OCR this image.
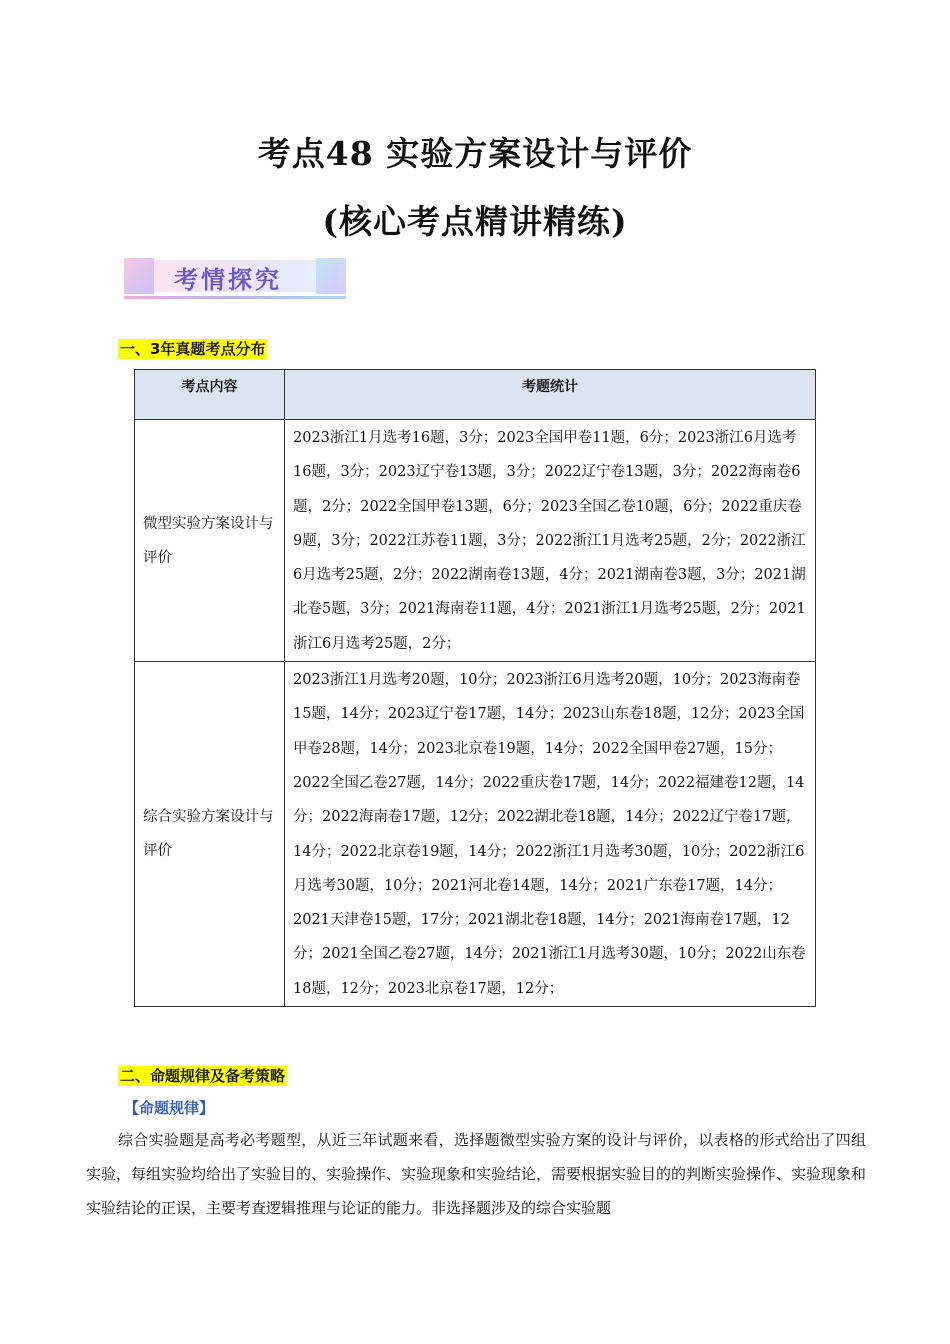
考点48 实验方案设计与评价
(核心考点精讲精练)
考情探究
一、3年真题考点分布
考点内容	考题统计
微型实验方案设计与评价	2023浙江1月选考16题，3分；2023全国甲卷11题，6分；2023浙江6月选考16题，3分；2023辽宁卷13题，3分；2022辽宁卷13题，3分；2022海南卷6题，2分；2022全国甲卷13题，6分；2023全国乙卷10题，6分；2022重庆卷9题，3分；2022江苏卷11题，3分；2022浙江1月选考25题，2分；2022浙江6月选考25题，2分；2022湖南卷13题，4分；2021湖南卷3题，3分；2021湖北卷5题，3分；2021海南卷11题，4分；2021浙江1月选考25题，2分；2021浙江6月选考25题，2分；
综合实验方案设计与评价	2023浙江1月选考20题，10分；2023浙江6月选考20题，10分；2023海南卷15题，14分；2023辽宁卷17题，14分；2023山东卷18题，12分；2023全国甲卷28题，14分；2023北京卷19题，14分；2022全国甲卷27题，15分；2022全国乙卷27题，14分；2022重庆卷17题，14分；2022福建卷12题，14分；2022海南卷17题，12分；2022湖北卷18题，14分；2022辽宁卷17题，14分；2022北京卷19题，14分；2022浙江1月选考30题，10分；2022浙江6月选考30题，10分；2021河北卷14题，14分；2021广东卷17题，14分；2021天津卷15题，17分；2021湖北卷18题，14分；2021海南卷17题，12分；2021全国乙卷27题，14分；2021浙江1月选考30题，10分；2022山东卷18题，12分；2023北京卷17题，12分；
二、命题规律及备考策略
【命题规律】
综合实验题是高考必考题型，从近三年试题来看，选择题微型实验方案的设计与评价，以表格的形式给出了四组实验，每组实验均给出了实验目的、实验操作、实验现象和实验结论，需要根据实验目的的判断实验操作、实验现象和实验结论的正误，主要考查逻辑推理与论证的能力。非选择题涉及的综合实验题
